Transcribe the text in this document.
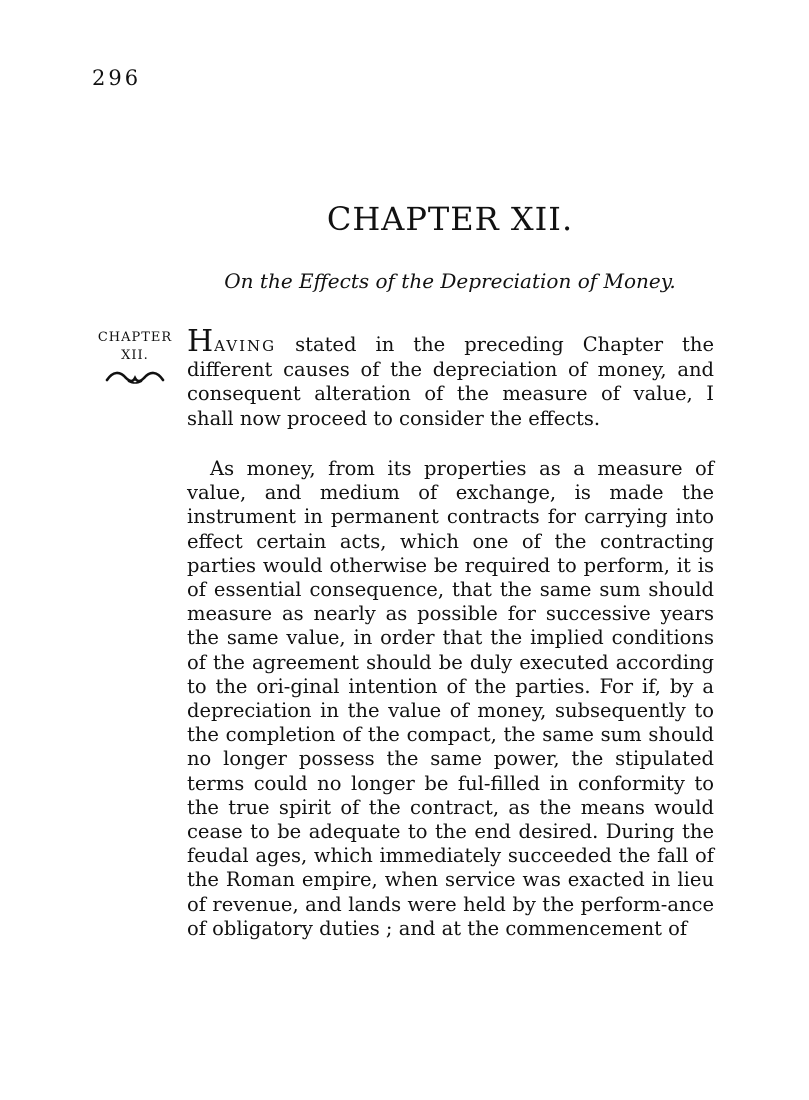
296
CHAPTER XII.
On the Effects of the Depreciation of Money.
CHAPTER
XII.	HAVING stated in the preceding Chapter the different causes of the depreciation of money, and consequent alteration of the measure of value, I shall now proceed to consider the effects.

As money, from its properties as a measure of value, and medium of exchange, is made the instrument in permanent contracts for carrying into effect certain acts, which one of the contracting parties would otherwise be required to perform, it is of essential consequence, that the same sum should measure as nearly as possible for successive years the same value, in order that the implied conditions of the agreement should be duly executed according to the ori-ginal intention of the parties. For if, by a depreciation in the value of money, subsequently to the completion of the compact, the same sum should no longer possess the same power, the stipulated terms could no longer be ful-filled in conformity to the true spirit of the contract, as the means would cease to be adequate to the end desired. During the feudal ages, which immediately succeeded the fall of the Roman empire, when service was exacted in lieu of revenue, and lands were held by the perform-ance of obligatory duties ; and at the commencement of
